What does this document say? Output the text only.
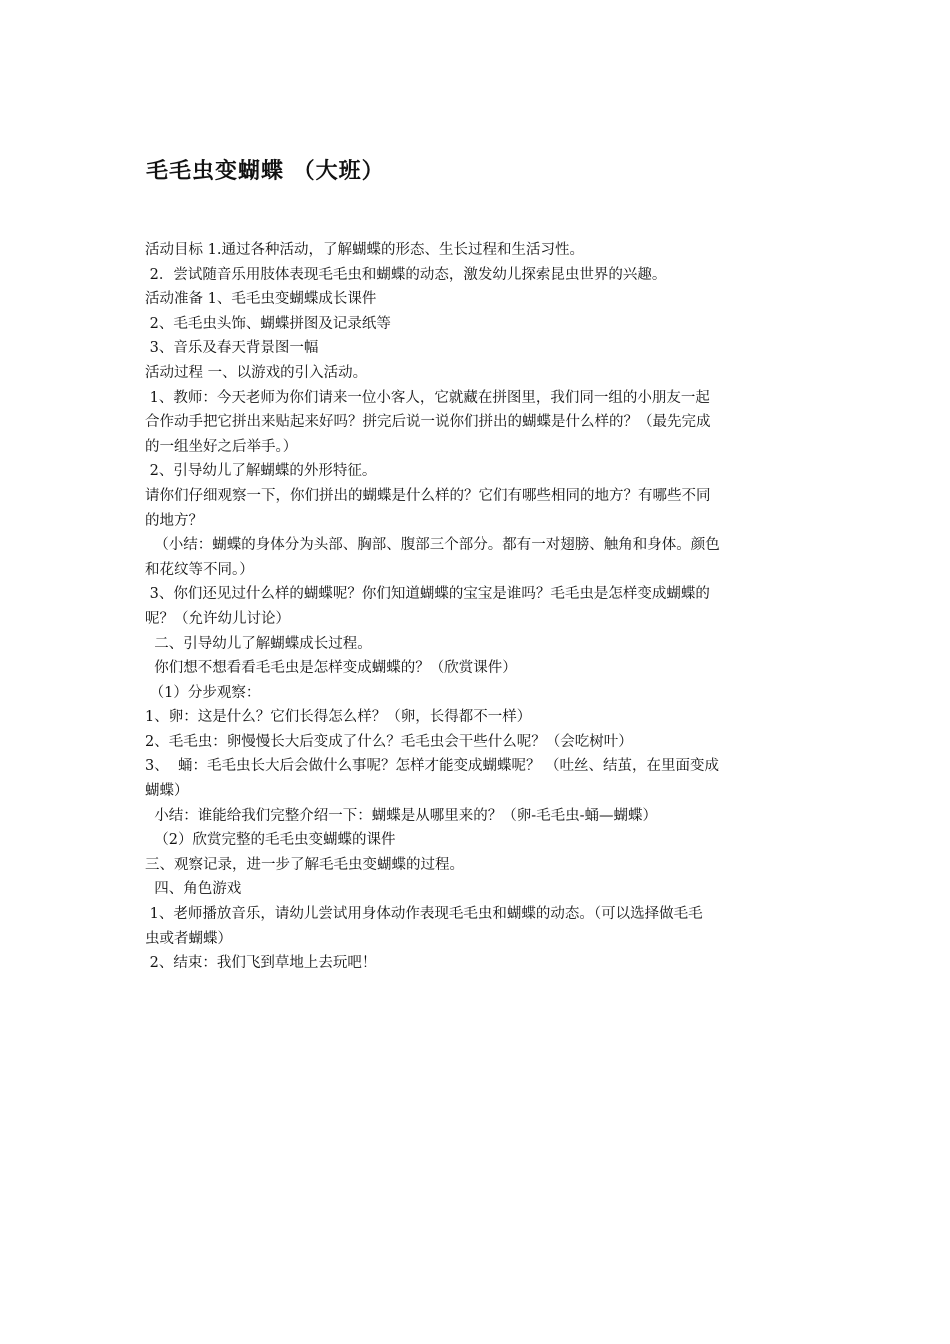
毛毛虫变蝴蝶 （大班）
活动目标 1.通过各种活动，了解蝴蝶的形态、生长过程和生活习性。
2．尝试随音乐用肢体表现毛毛虫和蝴蝶的动态，激发幼儿探索昆虫世界的兴趣。
活动准备 1、毛毛虫变蝴蝶成长课件
2、毛毛虫头饰、蝴蝶拼图及记录纸等
3、音乐及春天背景图一幅
活动过程 一、以游戏的引入活动。
1、教师：今天老师为你们请来一位小客人，它就藏在拼图里，我们同一组的小朋友一起
合作动手把它拼出来贴起来好吗？拼完后说一说你们拼出的蝴蝶是什么样的？（最先完成
的一组坐好之后举手。）
2、引导幼儿了解蝴蝶的外形特征。
请你们仔细观察一下，你们拼出的蝴蝶是什么样的？它们有哪些相同的地方？有哪些不同
的地方？
（小结：蝴蝶的身体分为头部、胸部、腹部三个部分。都有一对翅膀、触角和身体。颜色
和花纹等不同。）
3、你们还见过什么样的蝴蝶呢？你们知道蝴蝶的宝宝是谁吗？毛毛虫是怎样变成蝴蝶的
呢？（允许幼儿讨论）
二、引导幼儿了解蝴蝶成长过程。
你们想不想看看毛毛虫是怎样变成蝴蝶的？（欣赏课件）
（1）分步观察：
1、卵：这是什么？它们长得怎么样？（卵，长得都不一样）
2、毛毛虫：卵慢慢长大后变成了什么？毛毛虫会干些什么呢？（会吃树叶）
3、  蛹：毛毛虫长大后会做什么事呢？怎样才能变成蝴蝶呢？ （吐丝、结茧，在里面变成
蝴蝶）
小结：谁能给我们完整介绍一下：蝴蝶是从哪里来的？（卵-毛毛虫-蛹—蝴蝶）
（2）欣赏完整的毛毛虫变蝴蝶的课件
三、观察记录，进一步了解毛毛虫变蝴蝶的过程。
四、角色游戏
1、老师播放音乐，请幼儿尝试用身体动作表现毛毛虫和蝴蝶的动态。（可以选择做毛毛
虫或者蝴蝶）
2、结束：我们飞到草地上去玩吧！
